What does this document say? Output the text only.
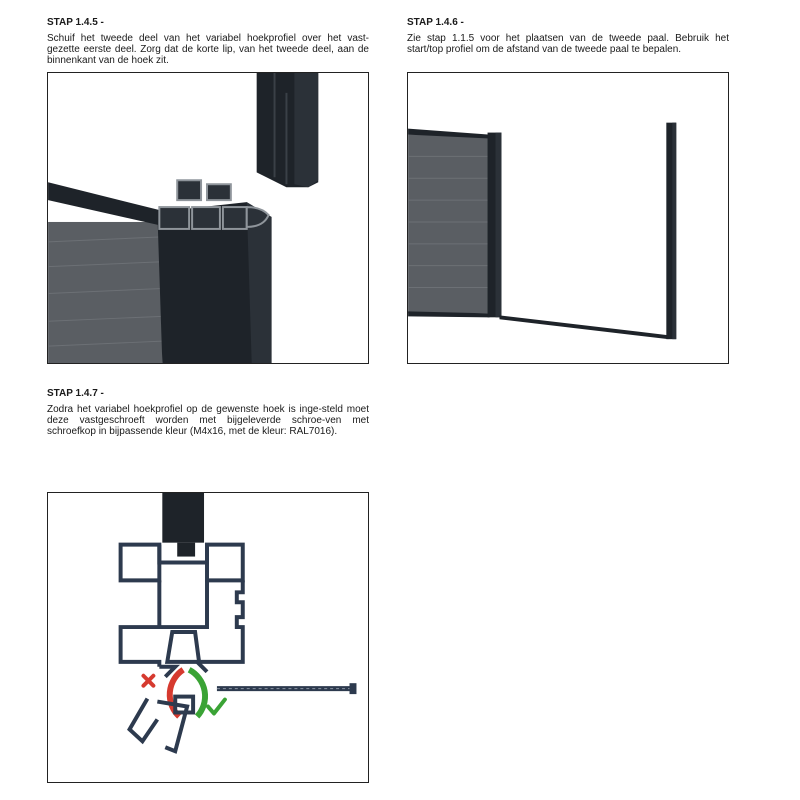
STAP 1.4.5 -

Schuif het tweede deel van het variabel hoekprofiel over het vast-gezette eerste deel. Zorg dat de korte lip, van het tweede deel, aan de binnenkant van de hoek zit.

STAP 1.4.6 -

Zie stap 1.1.5 voor het plaatsen van de tweede paal. Bebruik het start/top profiel om de afstand van de tweede paal te bepalen.

STAP 1.4.7 -

Zodra het variabel hoekprofiel op de gewenste hoek is inge-steld moet deze vastgeschroeft worden met bijgeleverde schroe-ven met schroefkop in bijpassende kleur (M4x16, met de kleur: RAL7016).
